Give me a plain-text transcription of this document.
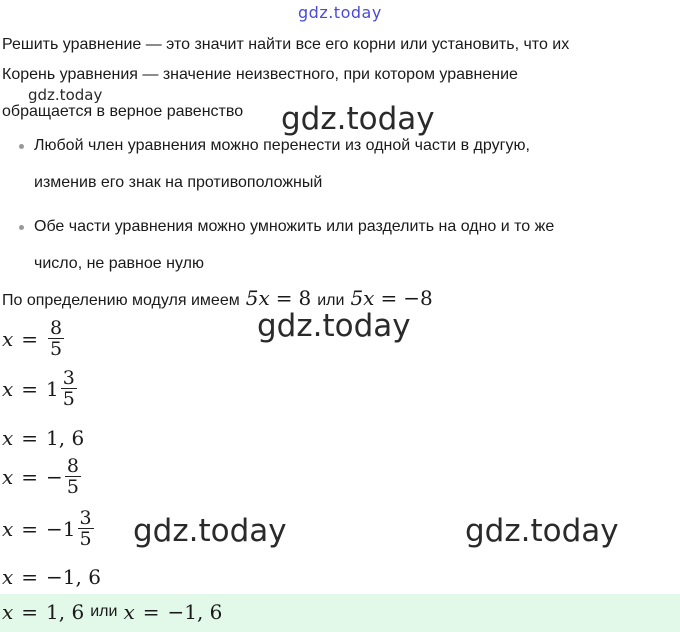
gdz.today
Решить уравнение — это значит найти все его корни или установить, что их
Корень уравнения — значение неизвестного, при котором уравнение
gdz.today
обращается в верное равенство gdz.today
Любой член уравнения можно перенести из одной части в другую,
изменив его знак на противоположный
Обе части уравнения можно умножить или разделить на одно и то же
число, не равное нулю
По определению модуля имеем 5x = 8 или 5x = −8
gdz.today
$x = \frac{8}{5}$
$x = 1 \frac{3}{5}$
x = 1, 6
x = − $\frac{8}{5}$
$x = -1 \frac{3}{5}$ gdz.today	gdz.today
x = −1, 6
x = 1, 6 или x = −1, 6
